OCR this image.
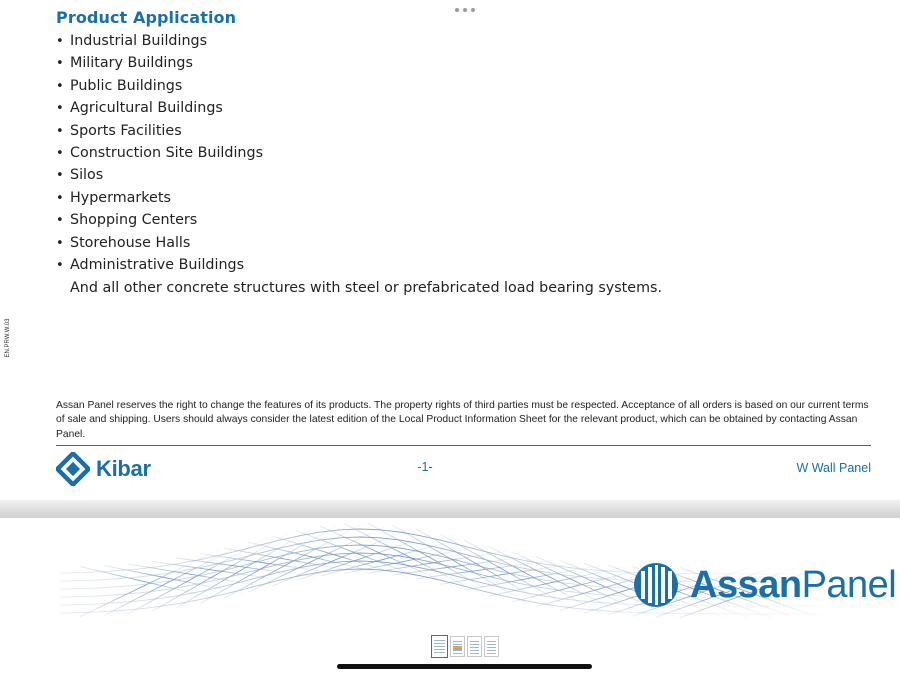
Product Application
• Industrial Buildings
• Military Buildings
• Public Buildings
• Agricultural Buildings
• Sports Facilities
• Construction Site Buildings
• Silos
• Hypermarkets
• Shopping Centers
• Storehouse Halls
• Administrative Buildings
And all other concrete structures with steel or prefabricated load bearing systems.
EN.PRW.W.03
Assan Panel reserves the right to change the features of its products. The property rights of third parties must be respected. Acceptance of all orders is based on our current terms of sale and shipping. Users should always consider the latest edition of the Local Product Information Sheet for the relevant product, which can be obtained by contacting Assan Panel.
Kibar	-1-	W Wall Panel
AssanPanel
